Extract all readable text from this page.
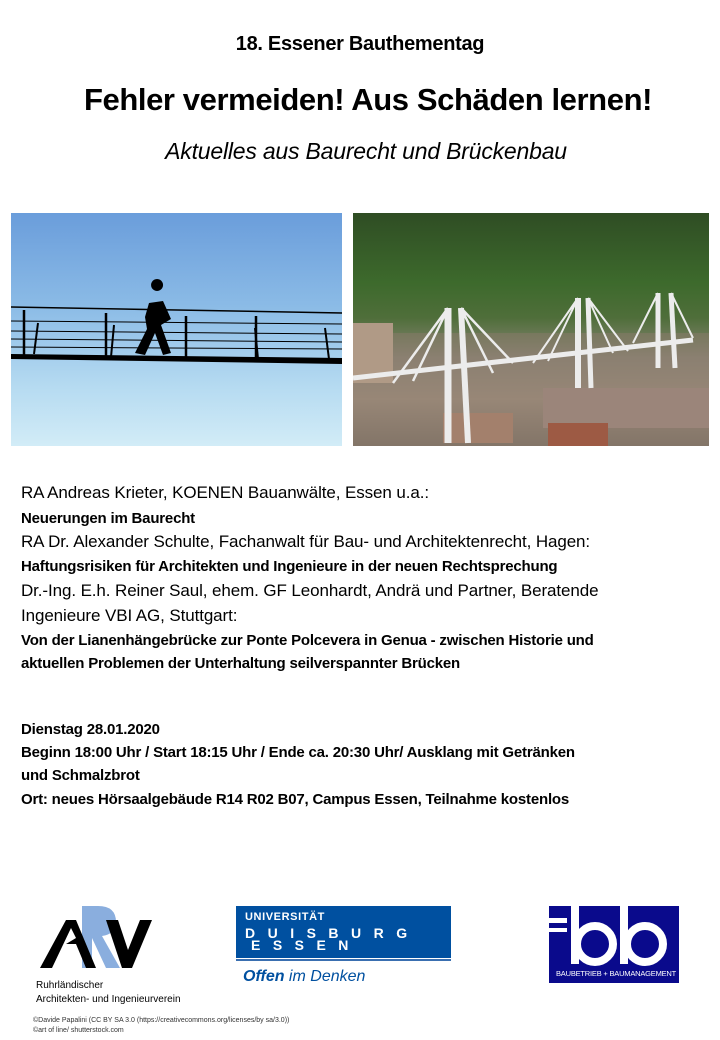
18. Essener Bauthementag
Fehler vermeiden! Aus Schäden lernen!
Aktuelles aus Baurecht und Brückenbau
RA Andreas Krieter, KOENEN Bauanwälte, Essen u.a.:
Neuerungen im Baurecht
RA Dr. Alexander Schulte, Fachanwalt für Bau- und Architektenrecht, Hagen:
Haftungsrisiken für Architekten und Ingenieure in der neuen Rechtsprechung
Dr.-Ing. E.h. Reiner Saul, ehem. GF Leonhardt, Andrä und Partner, Beratende
Ingenieure VBI AG, Stuttgart:
Von der Lianenhängebrücke zur Ponte Polcevera in Genua - zwischen Historie und
aktuellen Problemen der Unterhaltung seilverspannter Brücken
Dienstag 28.01.2020
Beginn 18:00 Uhr / Start 18:15 Uhr / Ende ca. 20:30 Uhr/ Ausklang mit Getränken
und Schmalzbrot
Ort: neues Hörsaalgebäude R14 R02 B07, Campus Essen, Teilnahme kostenlos
Ruhrländischer
Architekten- und Ingenieurverein
UNIVERSITÄT
D U I S B U R G
E S S E N
Offen im Denken	BAUBETRIEB + BAUMANAGEMENT
©Davide Papalini (CC BY SA 3.0 (https://creativecommons.org/licenses/by sa/3.0))
©art of line/ shutterstock.com
